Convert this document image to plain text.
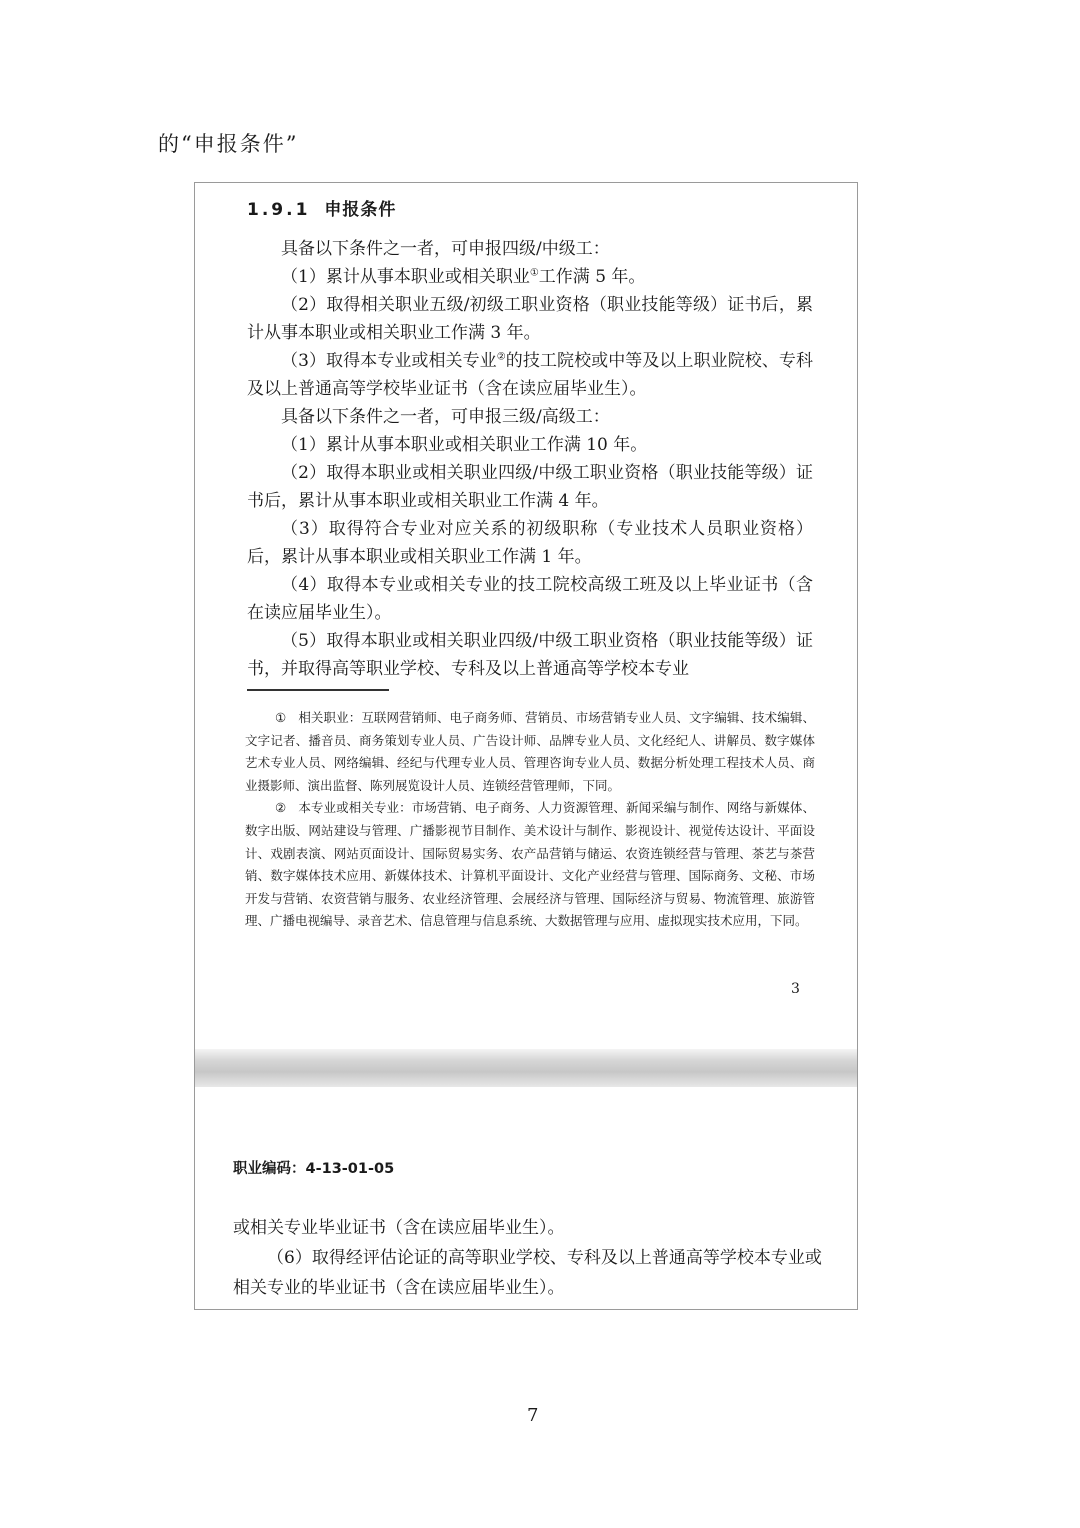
的“申报条件”
1.9.1 申报条件

具备以下条件之一者，可申报四级/中级工：

（1）累计从事本职业或相关职业①工作满 5 年。

（2）取得相关职业五级/初级工职业资格（职业技能等级）证书后，累计从事本职业或相关职业工作满 3 年。

（3）取得本专业或相关专业②的技工院校或中等及以上职业院校、专科及以上普通高等学校毕业证书（含在读应届毕业生）。

具备以下条件之一者，可申报三级/高级工：

（1）累计从事本职业或相关职业工作满 10 年。

（2）取得本职业或相关职业四级/中级工职业资格（职业技能等级）证书后，累计从事本职业或相关职业工作满 4 年。

（3）取得符合专业对应关系的初级职称（专业技术人员职业资格）后，累计从事本职业或相关职业工作满 1 年。

（4）取得本专业或相关专业的技工院校高级工班及以上毕业证书（含在读应届毕业生）。

（5）取得本职业或相关职业四级/中级工职业资格（职业技能等级）证书，并取得高等职业学校、专科及以上普通高等学校本专业

① 相关职业：互联网营销师、电子商务师、营销员、市场营销专业人员、文字编辑、技术编辑、文字记者、播音员、商务策划专业人员、广告设计师、品牌专业人员、文化经纪人、讲解员、数字媒体艺术专业人员、网络编辑、经纪与代理专业人员、管理咨询专业人员、数据分析处理工程技术人员、商业摄影师、演出监督、陈列展览设计人员、连锁经营管理师，下同。

② 本专业或相关专业：市场营销、电子商务、人力资源管理、新闻采编与制作、网络与新媒体、数字出版、网站建设与管理、广播影视节目制作、美术设计与制作、影视设计、视觉传达设计、平面设计、戏剧表演、网站页面设计、国际贸易实务、农产品营销与储运、农资连锁经营与管理、茶艺与茶营销、数字媒体技术应用、新媒体技术、计算机平面设计、文化产业经营与管理、国际商务、文秘、市场开发与营销、农资营销与服务、农业经济管理、会展经济与管理、国际经济与贸易、物流管理、旅游管理、广播电视编导、录音艺术、信息管理与信息系统、大数据管理与应用、虚拟现实技术应用，下同。

3
职业编码：4-13-01-05

或相关专业毕业证书（含在读应届毕业生）。

（6）取得经评估论证的高等职业学校、专科及以上普通高等学校本专业或相关专业的毕业证书（含在读应届毕业生）。

7
